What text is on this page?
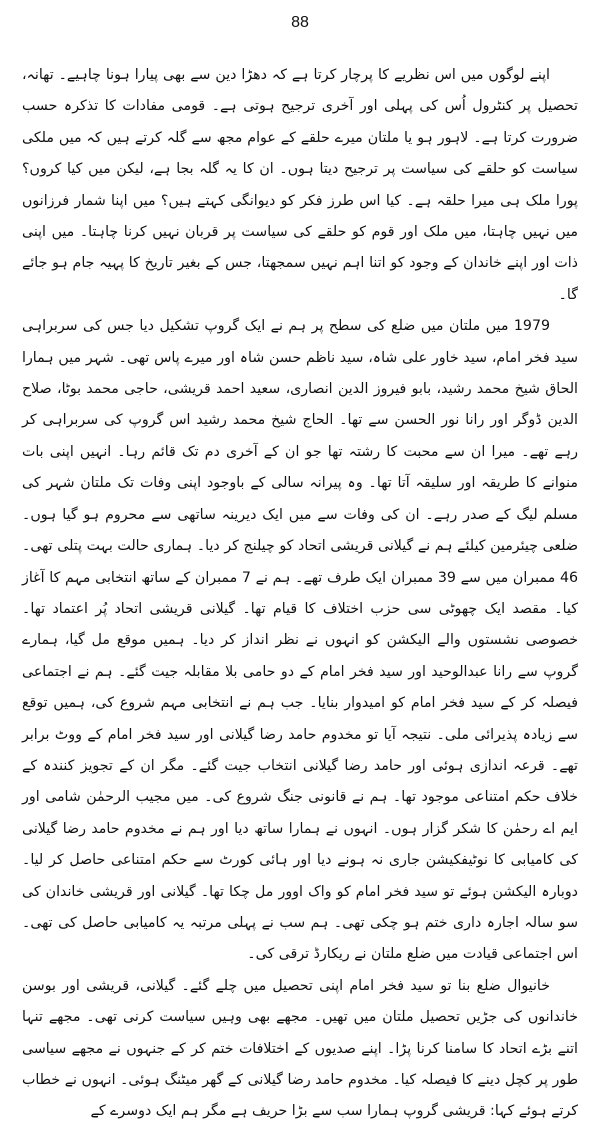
88

اپنے لوگوں میں اس نظریے کا پرچار کرتا ہے کہ دھڑا دین سے بھی پیارا ہونا چاہیے۔ تھانہ، تحصیل پر کنٹرول اُس کی پہلی اور آخری ترجیح ہوتی ہے۔ قومی مفادات کا تذکرہ حسب ضرورت کرتا ہے۔ لاہور ہو یا ملتان میرے حلقے کے عوام مجھ سے گلہ کرتے ہیں کہ میں ملکی سیاست کو حلقے کی سیاست پر ترجیح دیتا ہوں۔ ان کا یہ گلہ بجا ہے، لیکن میں کیا کروں؟ پورا ملک ہی میرا حلقہ ہے۔ کیا اس طرز فکر کو دیوانگی کہتے ہیں؟ میں اپنا شمار فرزانوں میں نہیں چاہتا، میں ملک اور قوم کو حلقے کی سیاست پر قربان نہیں کرنا چاہتا۔ میں اپنی ذات اور اپنے خاندان کے وجود کو اتنا اہم نہیں سمجھتا، جس کے بغیر تاریخ کا پہیہ جام ہو جائے گا۔

1979 میں ملتان میں ضلع کی سطح پر ہم نے ایک گروپ تشکیل دیا جس کی سربراہی سید فخر امام، سید خاور علی شاہ، سید ناظم حسن شاہ اور میرے پاس تھی۔ شہر میں ہمارا الحاق شیخ محمد رشید، بابو فیروز الدین انصاری، سعید احمد قریشی، حاجی محمد بوٹا، صلاح الدین ڈوگر اور رانا نور الحسن سے تھا۔ الحاج شیخ محمد رشید اس گروپ کی سربراہی کر رہے تھے۔ میرا ان سے محبت کا رشتہ تھا جو ان کے آخری دم تک قائم رہا۔ انہیں اپنی بات منوانے کا طریقہ اور سلیقہ آتا تھا۔ وہ پیرانہ سالی کے باوجود اپنی وفات تک ملتان شہر کی مسلم لیگ کے صدر رہے۔ ان کی وفات سے میں ایک دیرینہ ساتھی سے محروم ہو گیا ہوں۔ ضلعی چیئرمین کیلئے ہم نے گیلانی قریشی اتحاد کو چیلنج کر دیا۔ ہماری حالت بہت پتلی تھی۔ 46 ممبران میں سے 39 ممبران ایک طرف تھے۔ ہم نے 7 ممبران کے ساتھ انتخابی مہم کا آغاز کیا۔ مقصد ایک چھوٹی سی حزب اختلاف کا قیام تھا۔ گیلانی قریشی اتحاد پُر اعتماد تھا۔ خصوصی نشستوں والے الیکشن کو انہوں نے نظر انداز کر دیا۔ ہمیں موقع مل گیا، ہمارے گروپ سے رانا عبدالوحید اور سید فخر امام کے دو حامی بلا مقابلہ جیت گئے۔ ہم نے اجتماعی فیصلہ کر کے سید فخر امام کو امیدوار بنایا۔ جب ہم نے انتخابی مہم شروع کی، ہمیں توقع سے زیادہ پذیرائی ملی۔ نتیجہ آیا تو مخدوم حامد رضا گیلانی اور سید فخر امام کے ووٹ برابر تھے۔ قرعہ اندازی ہوئی اور حامد رضا گیلانی انتخاب جیت گئے۔ مگر ان کے تجویز کنندہ کے خلاف حکم امتناعی موجود تھا۔ ہم نے قانونی جنگ شروع کی۔ میں مجیب الرحمٰن شامی اور ایم اے رحمٰن کا شکر گزار ہوں۔ انہوں نے ہمارا ساتھ دیا اور ہم نے مخدوم حامد رضا گیلانی کی کامیابی کا نوٹیفکیشن جاری نہ ہونے دیا اور ہائی کورٹ سے حکم امتناعی حاصل کر لیا۔ دوبارہ الیکشن ہوئے تو سید فخر امام کو واک اوور مل چکا تھا۔ گیلانی اور قریشی خاندان کی سو سالہ اجارہ داری ختم ہو چکی تھی۔ ہم سب نے پہلی مرتبہ یہ کامیابی حاصل کی تھی۔ اس اجتماعی قیادت میں ضلع ملتان نے ریکارڈ ترقی کی۔

خانیوال ضلع بنا تو سید فخر امام اپنی تحصیل میں چلے گئے۔ گیلانی، قریشی اور بوسن خاندانوں کی جڑیں تحصیل ملتان میں تھیں۔ مجھے بھی وہیں سیاست کرنی تھی۔ مجھے تنہا اتنے بڑے اتحاد کا سامنا کرنا پڑا۔ اپنے صدیوں کے اختلافات ختم کر کے جنہوں نے مجھے سیاسی طور پر کچل دینے کا فیصلہ کیا۔ مخدوم حامد رضا گیلانی کے گھر میٹنگ ہوئی۔ انہوں نے خطاب کرتے ہوئے کہا: قریشی گروپ ہمارا سب سے بڑا حریف ہے مگر ہم ایک دوسرے کے
